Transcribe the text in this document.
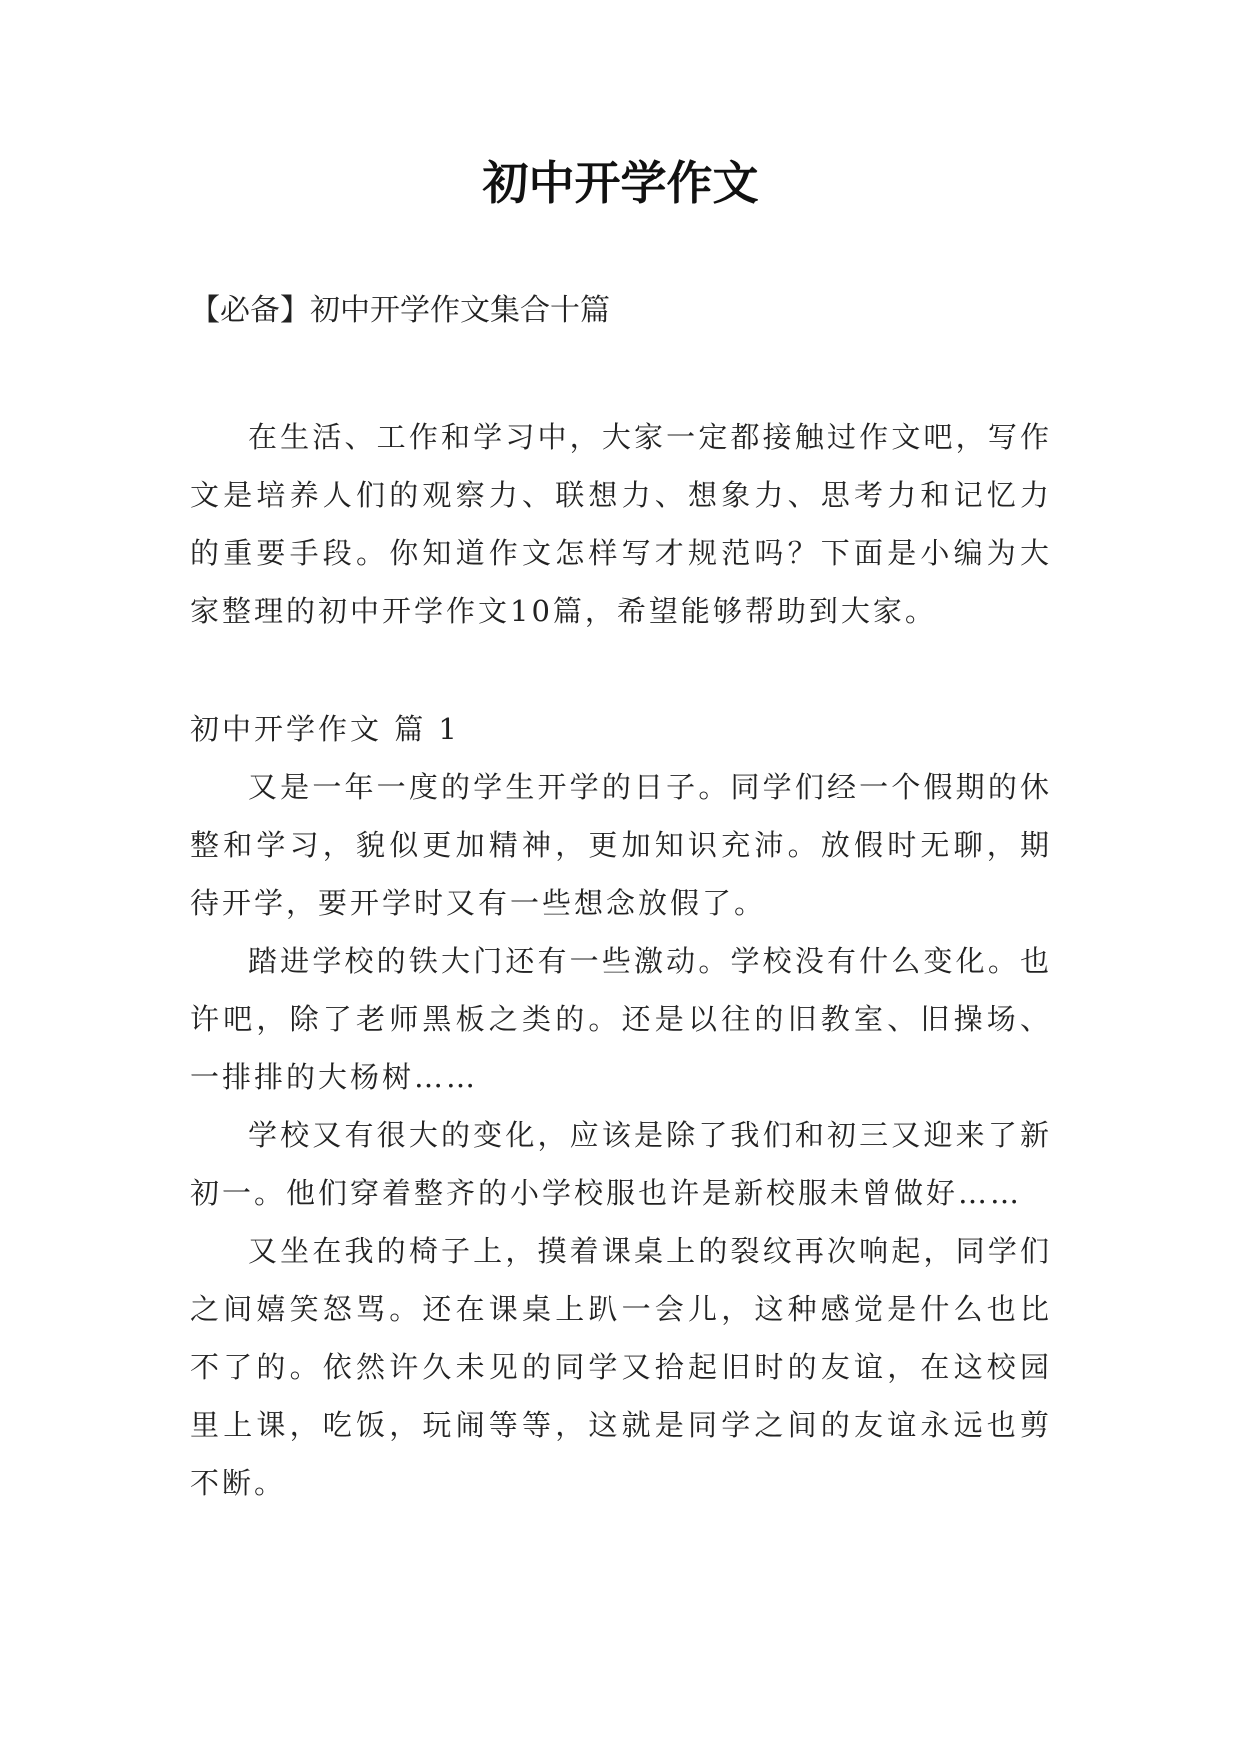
初中开学作文
【必备】初中开学作文集合十篇

在生活、工作和学习中，大家一定都接触过作文吧，写作文是培养人们的观察力、联想力、想象力、思考力和记忆力的重要手段。你知道作文怎样写才规范吗？下面是小编为大家整理的初中开学作文10篇，希望能够帮助到大家。

初中开学作文 篇 1

又是一年一度的学生开学的日子。同学们经一个假期的休整和学习，貌似更加精神，更加知识充沛。放假时无聊，期待开学，要开学时又有一些想念放假了。

踏进学校的铁大门还有一些激动。学校没有什么变化。也许吧，除了老师黑板之类的。还是以往的旧教室、旧操场、一排排的大杨树……

学校又有很大的变化，应该是除了我们和初三又迎来了新初一。他们穿着整齐的小学校服也许是新校服未曾做好……

又坐在我的椅子上，摸着课桌上的裂纹再次响起，同学们之间嬉笑怒骂。还在课桌上趴一会儿，这种感觉是什么也比不了的。依然许久未见的同学又拾起旧时的友谊，在这校园里上课，吃饭，玩闹等等，这就是同学之间的友谊永远也剪不断。
